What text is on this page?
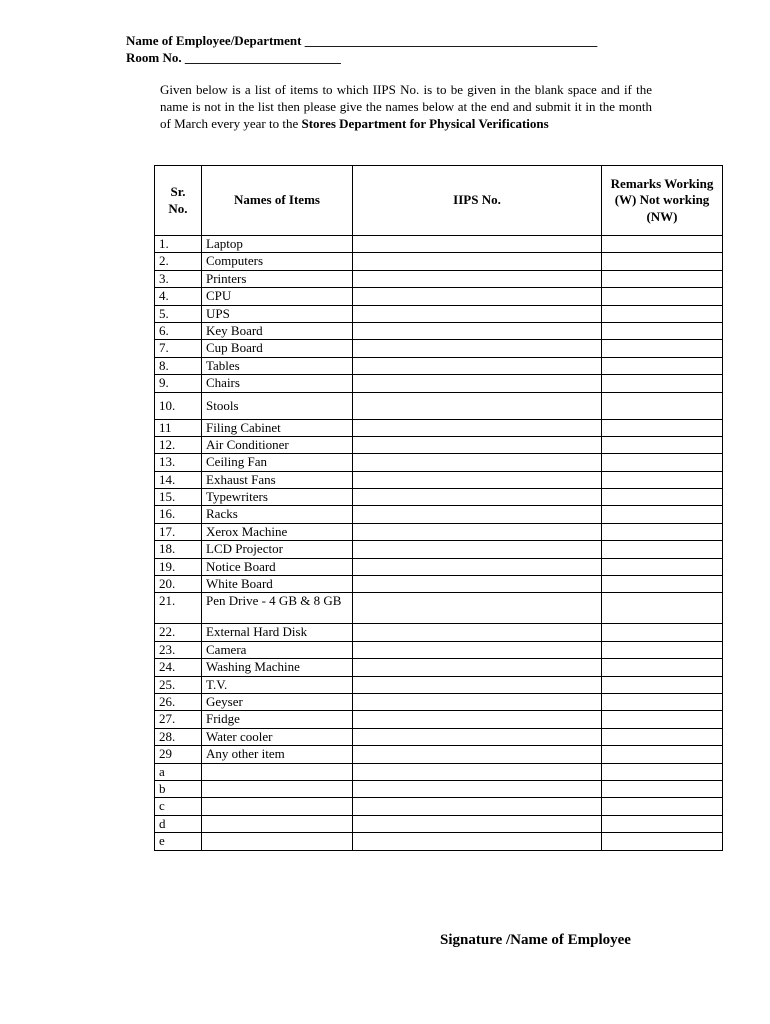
Name of Employee/Department _____________________________________________
Room No. ________________________
Given below is a list of items to which IIPS No. is to be given in the blank space and if the name is not in the list then please give the names below at the end and submit it in the month of March every year to the Stores Department for Physical Verifications
Sr. No.	Names of Items	IIPS No.	Remarks Working (W) Not working (NW)
1.	Laptop		
2.	Computers		
3.	Printers		
4.	CPU		
5.	UPS		
6.	Key Board		
7.	Cup Board		
8.	Tables		
9.	Chairs		
10.	Stools		
11	Filing Cabinet		
12.	Air Conditioner		
13.	Ceiling Fan		
14.	Exhaust Fans		
15.	Typewriters		
16.	Racks		
17.	Xerox Machine		
18.	LCD Projector		
19.	Notice Board		
20.	White Board		
21.	Pen Drive - 4 GB & 8 GB		
22.	External Hard Disk		
23.	Camera		
24.	Washing Machine		
25.	T.V.		
26.	Geyser		
27.	Fridge		
28.	Water cooler		
29	Any other item		
a			
b			
c			
d			
e			
Signature /Name of Employee
